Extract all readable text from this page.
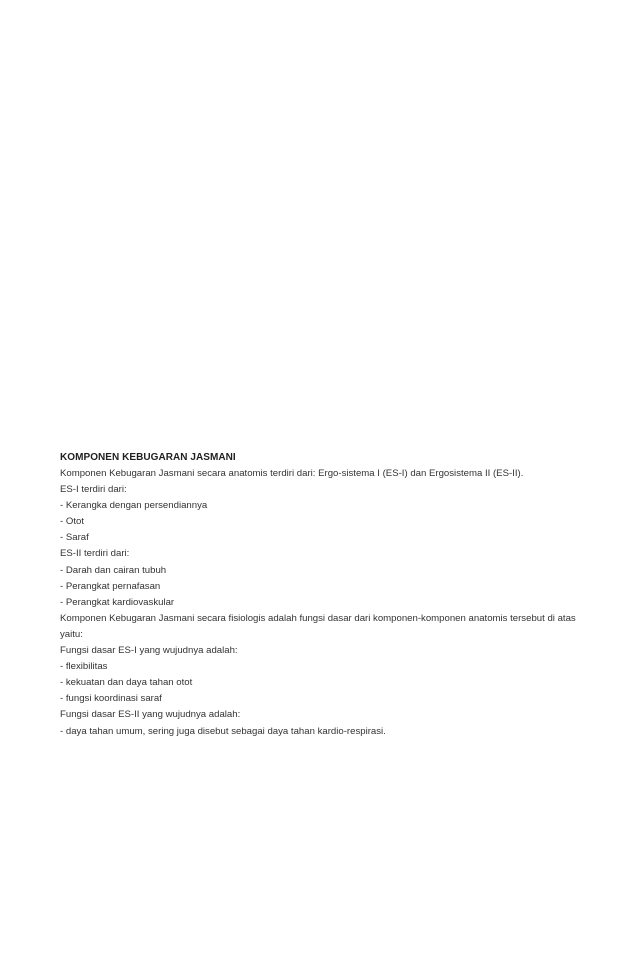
KOMPONEN KEBUGARAN JASMANI

Komponen Kebugaran Jasmani secara anatomis terdiri dari: Ergo-sistema I (ES-I) dan Ergosistema II (ES-II).

ES-I terdiri dari:

- Kerangka dengan persendiannya

- Otot

- Saraf

ES-II terdiri dari:

- Darah dan cairan tubuh

- Perangkat pernafasan

- Perangkat kardiovaskular

Komponen Kebugaran Jasmani secara fisiologis adalah fungsi dasar dari komponen-komponen anatomis tersebut di atas

yaitu:

Fungsi dasar ES-I yang wujudnya adalah:

- flexibilitas

- kekuatan dan daya tahan otot

- fungsi koordinasi saraf

Fungsi dasar ES-II yang wujudnya adalah:

- daya tahan umum, sering juga disebut sebagai daya tahan kardio-respirasi.
